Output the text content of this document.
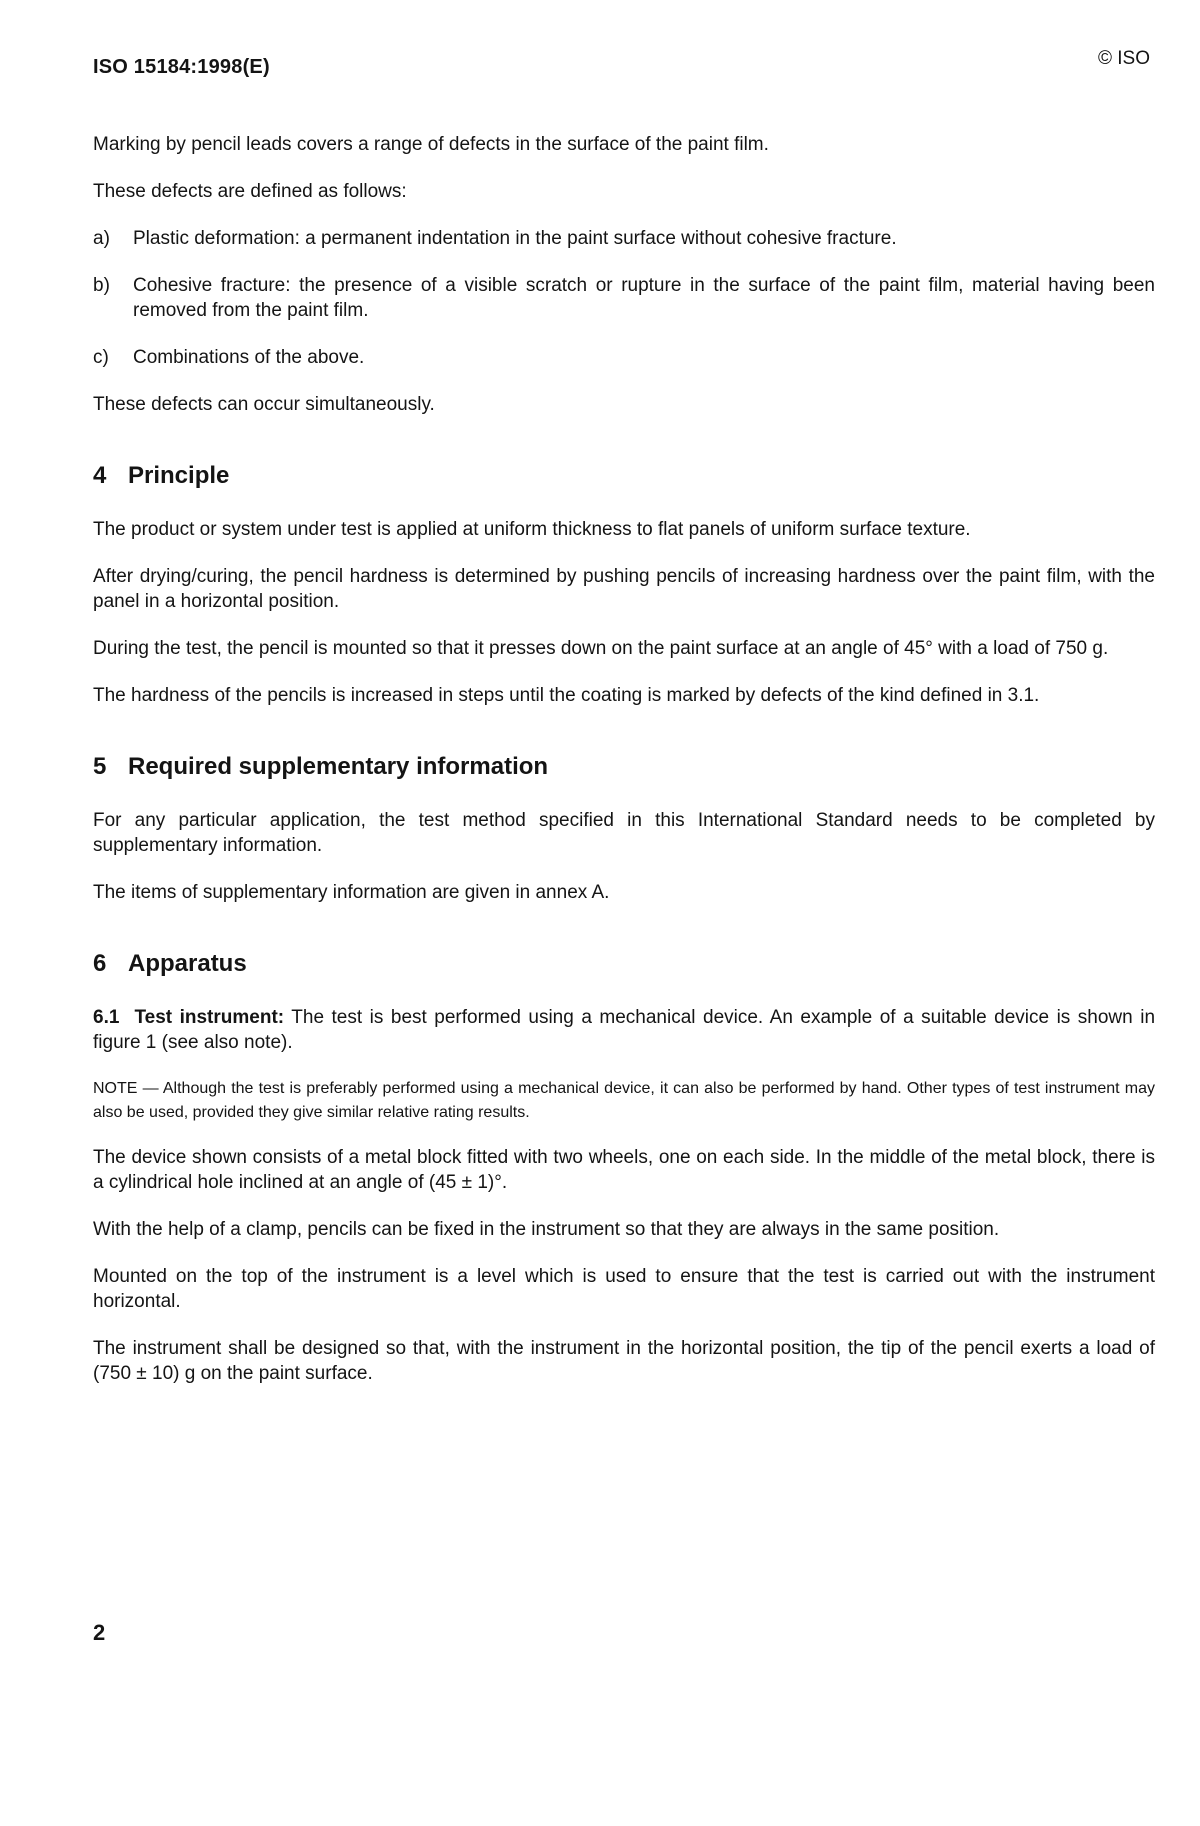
ISO 15184:1998(E)	© ISO

Marking by pencil leads covers a range of defects in the surface of the paint film.

These defects are defined as follows:

a)	Plastic deformation: a permanent indentation in the paint surface without cohesive fracture.
b)	Cohesive fracture: the presence of a visible scratch or rupture in the surface of the paint film, material having been removed from the paint film.
c)	Combinations of the above.

These defects can occur simultaneously.

4 Principle

The product or system under test is applied at uniform thickness to flat panels of uniform surface texture.

After drying/curing, the pencil hardness is determined by pushing pencils of increasing hardness over the paint film, with the panel in a horizontal position.

During the test, the pencil is mounted so that it presses down on the paint surface at an angle of 45° with a load of 750 g.

The hardness of the pencils is increased in steps until the coating is marked by defects of the kind defined in 3.1.

5 Required supplementary information

For any particular application, the test method specified in this International Standard needs to be completed by supplementary information.

The items of supplementary information are given in annex A.

6 Apparatus

6.1 Test instrument: The test is best performed using a mechanical device. An example of a suitable device is shown in figure 1 (see also note).

NOTE — Although the test is preferably performed using a mechanical device, it can also be performed by hand. Other types of test instrument may also be used, provided they give similar relative rating results.

The device shown consists of a metal block fitted with two wheels, one on each side. In the middle of the metal block, there is a cylindrical hole inclined at an angle of (45 ± 1)°.

With the help of a clamp, pencils can be fixed in the instrument so that they are always in the same position.

Mounted on the top of the instrument is a level which is used to ensure that the test is carried out with the instrument horizontal.

The instrument shall be designed so that, with the instrument in the horizontal position, the tip of the pencil exerts a load of (750 ± 10) g on the paint surface.

2
